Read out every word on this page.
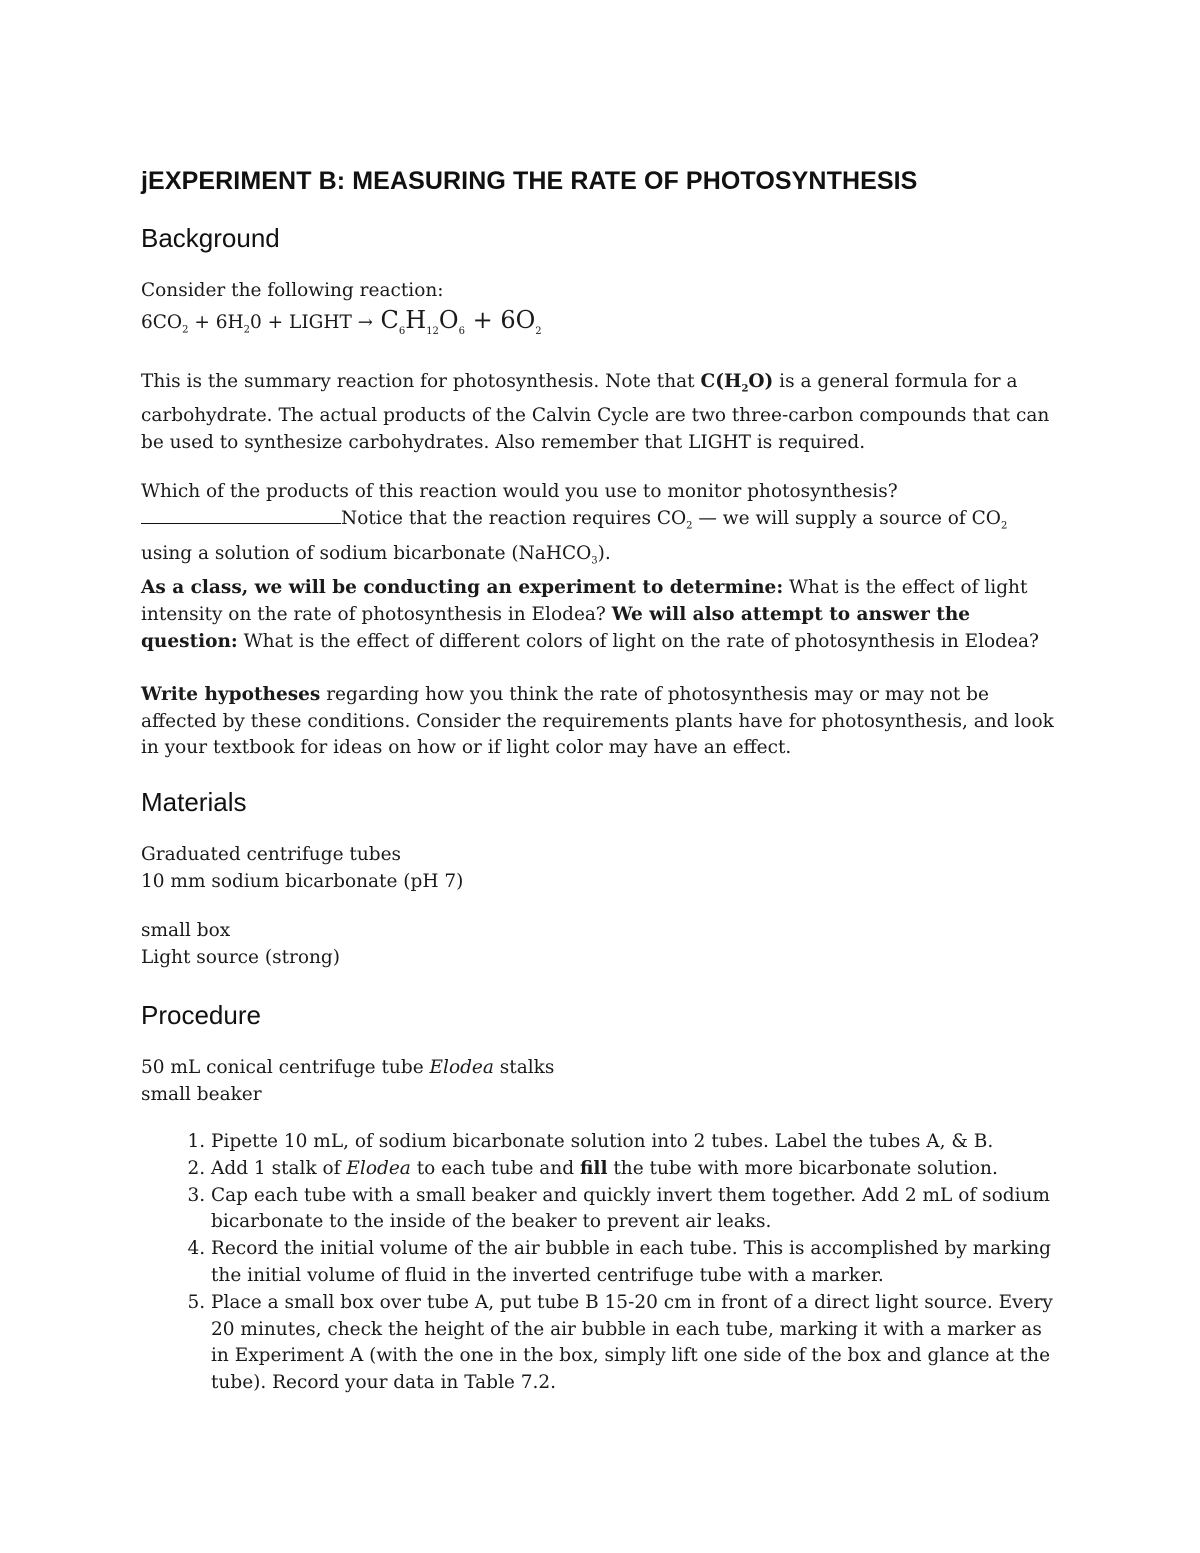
jEXPERIMENT B: MEASURING THE RATE OF PHOTOSYNTHESIS
Background

Consider the following reaction:

$6CO_2 + 6H_20$ + LIGHT → $C_6H_{12}O_6 + 6O_2$

This is the summary reaction for photosynthesis. Note that $C(H_2O)$ is a general formula for a carbohydrate. The actual products of the Calvin Cycle are two three-carbon compounds that can be used to synthesize carbohydrates. Also remember that LIGHT is required.

Which of the products of this reaction would you use to monitor photosynthesis?
Notice that the reaction requires $CO_2$ — we will supply a source of $CO_2$ using a solution of sodium bicarbonate (NaHCO$_3$).
As a class, we will be conducting an experiment to determine: What is the effect of light intensity on the rate of photosynthesis in Elodea? We will also attempt to answer the question: What is the effect of different colors of light on the rate of photosynthesis in Elodea?

Write hypotheses regarding how you think the rate of photosynthesis may or may not be affected by these conditions. Consider the requirements plants have for photosynthesis, and look in your textbook for ideas on how or if light color may have an effect.

Materials

Graduated centrifuge tubes
10 mm sodium bicarbonate (pH 7)

small box
Light source (strong)

Procedure

50 mL conical centrifuge tube Elodea stalks
small beaker

1. Pipette 10 mL, of sodium bicarbonate solution into 2 tubes. Label the tubes A, & B.
2. Add 1 stalk of Elodea to each tube and fill the tube with more bicarbonate solution.
3. Cap each tube with a small beaker and quickly invert them together. Add 2 mL of sodium bicarbonate to the inside of the beaker to prevent air leaks.
4. Record the initial volume of the air bubble in each tube. This is accomplished by marking the initial volume of fluid in the inverted centrifuge tube with a marker.
5. Place a small box over tube A, put tube B 15-20 cm in front of a direct light source. Every 20 minutes, check the height of the air bubble in each tube, marking it with a marker as in Experiment A (with the one in the box, simply lift one side of the box and glance at the tube). Record your data in Table 7.2.
